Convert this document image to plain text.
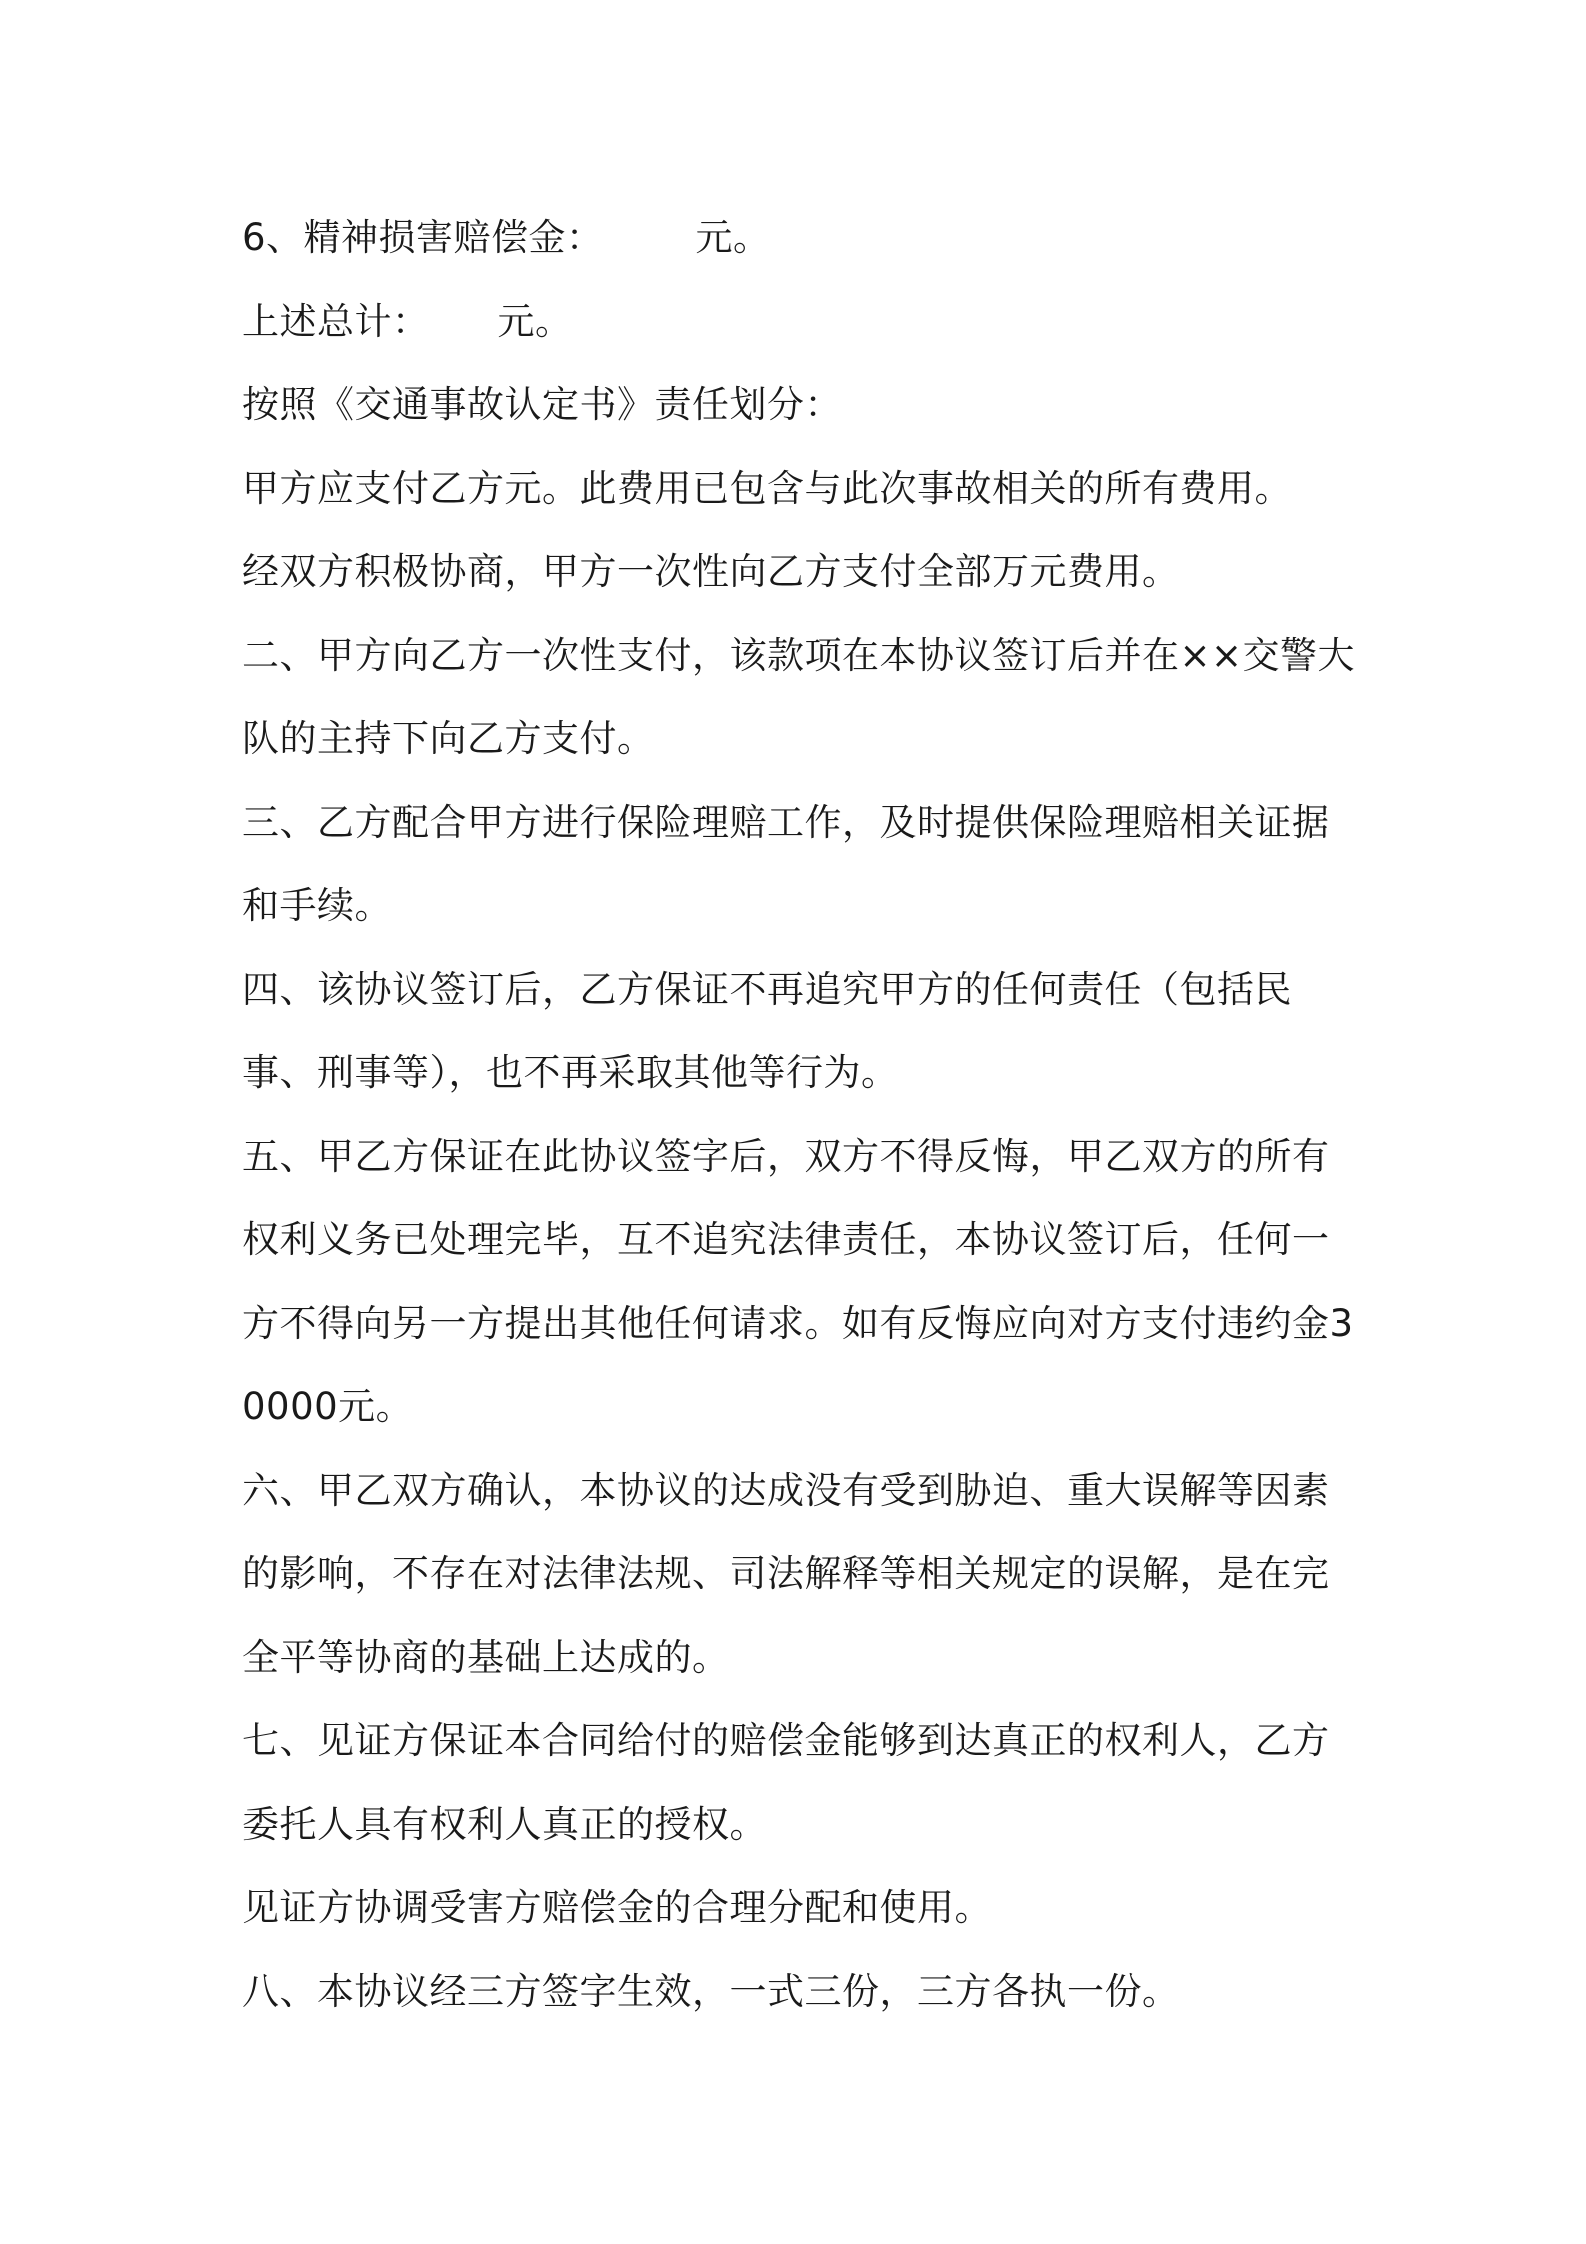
6、精神损害赔偿金： 元。

上述总计： 元。

按照《交通事故认定书》责任划分：

甲方应支付乙方元。此费用已包含与此次事故相关的所有费用。

经双方积极协商，甲方一次性向乙方支付全部万元费用。

二、甲方向乙方一次性支付，该款项在本协议签订后并在××交警大队的主持下向乙方支付。

三、乙方配合甲方进行保险理赔工作，及时提供保险理赔相关证据和手续。

四、该协议签订后，乙方保证不再追究甲方的任何责任（包括民事、刑事等），也不再采取其他等行为。

五、甲乙方保证在此协议签字后，双方不得反悔，甲乙双方的所有权利义务已处理完毕，互不追究法律责任，本协议签订后，任何一方不得向另一方提出其他任何请求。如有反悔应向对方支付违约金30000元。

六、甲乙双方确认，本协议的达成没有受到胁迫、重大误解等因素的影响，不存在对法律法规、司法解释等相关规定的误解，是在完全平等协商的基础上达成的。

七、见证方保证本合同给付的赔偿金能够到达真正的权利人，乙方委托人具有权利人真正的授权。

见证方协调受害方赔偿金的合理分配和使用。

八、本协议经三方签字生效，一式三份，三方各执一份。
